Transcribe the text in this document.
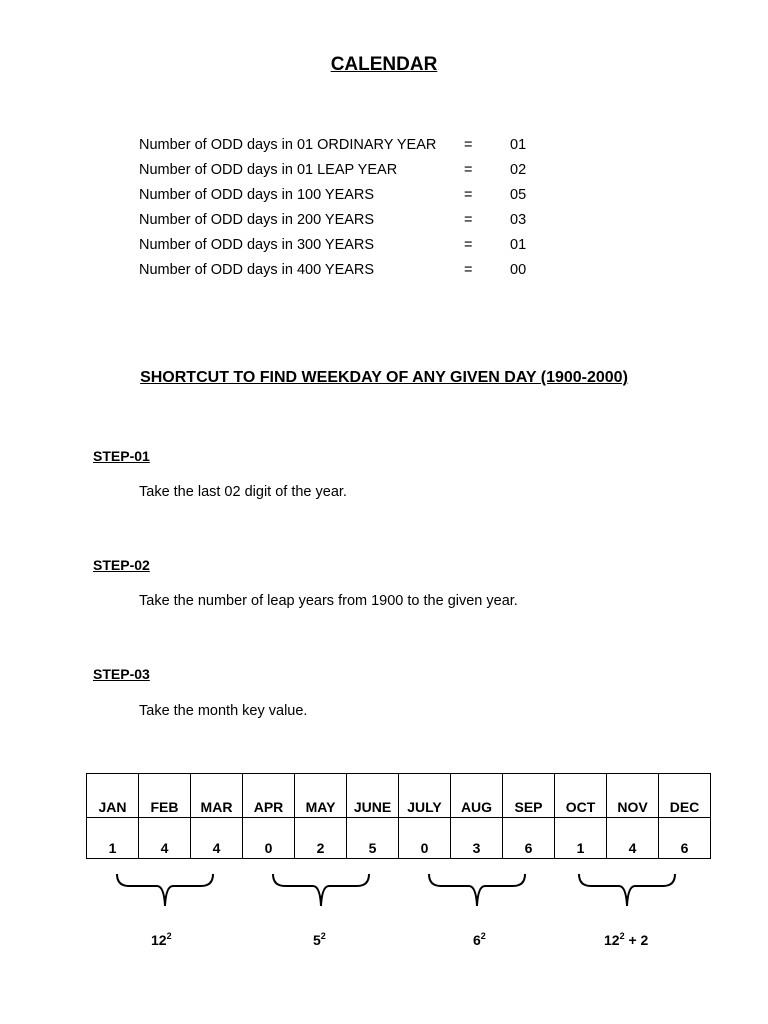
CALENDAR
Number of ODD days in 01 ORDINARY YEAR =	01
Number of ODD days in 01 LEAP YEAR	=	02
Number of ODD days in 100 YEARS	=	05
Number of ODD days in 200 YEARS	=	03
Number of ODD days in 300 YEARS	=	01
Number of ODD days in 400 YEARS	=	00
SHORTCUT TO FIND WEEKDAY OF ANY GIVEN DAY (1900-2000)
STEP-01
Take the last 02 digit of the year.
STEP-02
Take the number of leap years from 1900 to the given year.
STEP-03
Take the month key value.
JAN	FEB	MAR	APR	MAY	JUNE	JULY	AUG	SEP	OCT	NOV	DEC
1	4	4	0	2	5	0	3	6	1	4	6
$12^2$	$5^2$	$6^2$	$12^2 + 2$
